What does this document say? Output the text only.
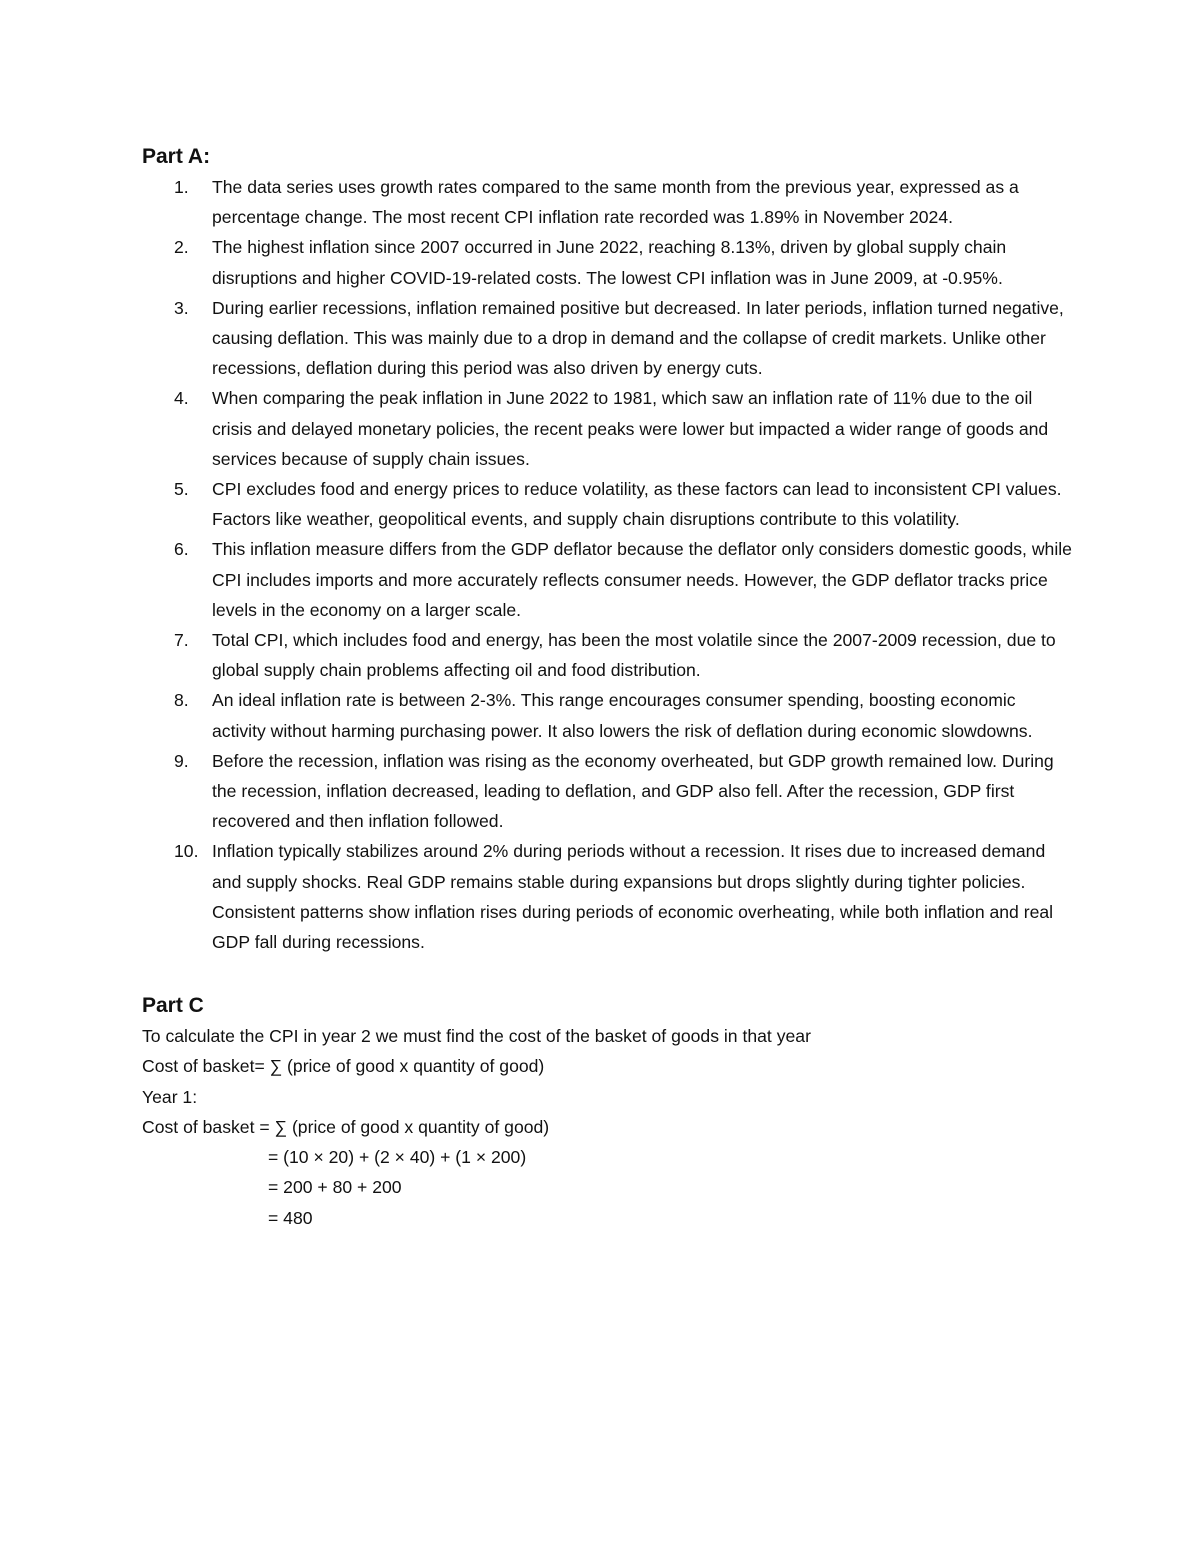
Part A:
1.	The data series uses growth rates compared to the same month from the previous year, expressed as a percentage change. The most recent CPI inflation rate recorded was 1.89% in November 2024.
2.	The highest inflation since 2007 occurred in June 2022, reaching 8.13%, driven by global supply chain disruptions and higher COVID-19-related costs. The lowest CPI inflation was in June 2009, at -0.95%.
3.	During earlier recessions, inflation remained positive but decreased. In later periods, inflation turned negative, causing deflation. This was mainly due to a drop in demand and the collapse of credit markets. Unlike other recessions, deflation during this period was also driven by energy cuts.
4.	When comparing the peak inflation in June 2022 to 1981, which saw an inflation rate of 11% due to the oil crisis and delayed monetary policies, the recent peaks were lower but impacted a wider range of goods and services because of supply chain issues.
5.	CPI excludes food and energy prices to reduce volatility, as these factors can lead to inconsistent CPI values. Factors like weather, geopolitical events, and supply chain disruptions contribute to this volatility.
6.	This inflation measure differs from the GDP deflator because the deflator only considers domestic goods, while CPI includes imports and more accurately reflects consumer needs. However, the GDP deflator tracks price levels in the economy on a larger scale.
7.	Total CPI, which includes food and energy, has been the most volatile since the 2007-2009 recession, due to global supply chain problems affecting oil and food distribution.
8.	An ideal inflation rate is between 2-3%. This range encourages consumer spending, boosting economic activity without harming purchasing power. It also lowers the risk of deflation during economic slowdowns.
9.	Before the recession, inflation was rising as the economy overheated, but GDP growth remained low. During the recession, inflation decreased, leading to deflation, and GDP also fell. After the recession, GDP first recovered and then inflation followed.
10. Inflation typically stabilizes around 2% during periods without a recession. It rises due to increased demand and supply shocks. Real GDP remains stable during expansions but drops slightly during tighter policies. Consistent patterns show inflation rises during periods of economic overheating, while both inflation and real GDP fall during recessions.
Part C

To calculate the CPI in year 2 we must find the cost of the basket of goods in that year

Cost of basket= ∑ (price of good x quantity of good)

Year 1:

Cost of basket = ∑ (price of good x quantity of good)

= (10 × 20) + (2 × 40) + (1 × 200)

= 200 + 80 + 200

= 480
